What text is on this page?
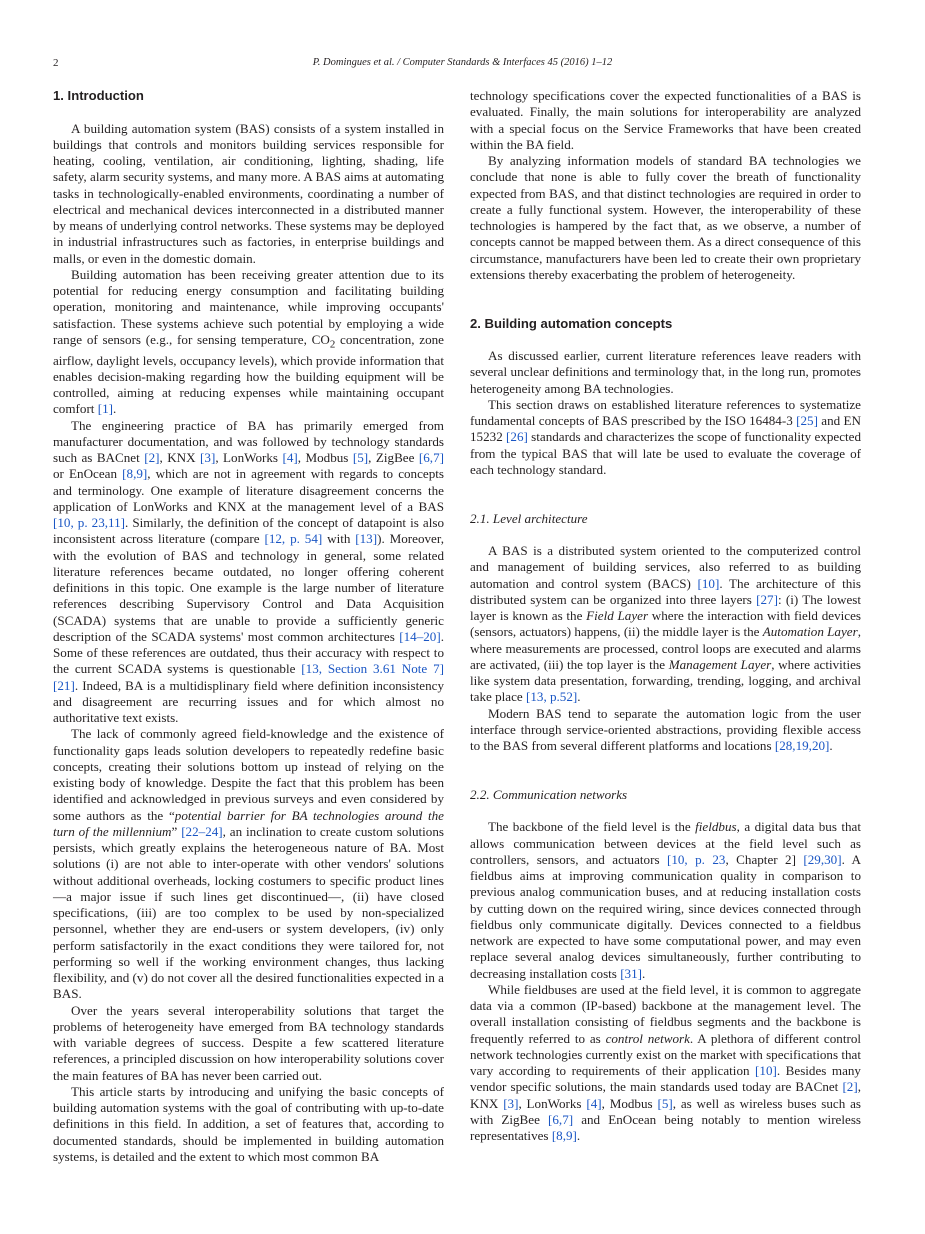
2	P. Domingues et al. / Computer Standards & Interfaces 45 (2016) 1–12
1. Introduction

A building automation system (BAS) consists of a system installed in buildings that controls and monitors building services responsible for heating, cooling, ventilation, air conditioning, lighting, shading, life safety, alarm security systems, and many more. A BAS aims at automating tasks in technologically-enabled environments, coordinating a number of electrical and mechanical devices interconnected in a distributed manner by means of underlying control networks. These systems may be deployed in industrial infrastructures such as factories, in enterprise buildings and malls, or even in the domestic domain.

Building automation has been receiving greater attention due to its potential for reducing energy consumption and facilitating building operation, monitoring and maintenance, while improving occupants' satisfaction. These systems achieve such potential by employing a wide range of sensors (e.g., for sensing temperature, $CO_2$ concentration, zone airflow, daylight levels, occupancy levels), which provide information that enables decision-making regarding how the building equipment will be controlled, aiming at reducing expenses while maintaining occupant comfort [1].

The engineering practice of BA has primarily emerged from manufacturer documentation, and was followed by technology standards such as BACnet [2], KNX [3], LonWorks [4], Modbus [5], ZigBee [6,7] or EnOcean [8,9], which are not in agreement with regards to concepts and terminology. One example of literature disagreement concerns the application of LonWorks and KNX at the management level of a BAS [10, p. 23,11]. Similarly, the definition of the concept of datapoint is also inconsistent across literature (compare [12, p. 54] with [13]). Moreover, with the evolution of BAS and technology in general, some related literature references became outdated, no longer offering coherent definitions in this topic. One example is the large number of literature references describing Supervisory Control and Data Acquisition (SCADA) systems that are unable to provide a sufficiently generic description of the SCADA systems' most common architectures [14–20]. Some of these references are outdated, thus their accuracy with respect to the current SCADA systems is questionable [13, Section 3.61 Note 7] [21]. Indeed, BA is a multidisplinary field where definition inconsistency and disagreement are recurring issues and for which almost no authoritative text exists.

The lack of commonly agreed field-knowledge and the existence of functionality gaps leads solution developers to repeatedly redefine basic concepts, creating their solutions bottom up instead of relying on the existing body of knowledge. Despite the fact that this problem has been identified and acknowledged in previous surveys and even considered by some authors as the “potential barrier for BA technologies around the turn of the millennium” [22–24], an inclination to create custom solutions persists, which greatly explains the heterogeneous nature of BA. Most solutions (i) are not able to inter-operate with other vendors' solutions without additional overheads, locking costumers to specific product lines—a major issue if such lines get discontinued—, (ii) have closed specifications, (iii) are too complex to be used by non-specialized personnel, whether they are end-users or system developers, (iv) only perform satisfactorily in the exact conditions they were tailored for, not performing so well if the working environment changes, thus lacking flexibility, and (v) do not cover all the desired functionalities expected in a BAS.

Over the years several interoperability solutions that target the problems of heterogeneity have emerged from BA technology standards with variable degrees of success. Despite a few scattered literature references, a principled discussion on how interoperability solutions cover the main features of BA has never been carried out.

This article starts by introducing and unifying the basic concepts of building automation systems with the goal of contributing with up-to-date definitions in this field. In addition, a set of features that, according to documented standards, should be implemented in building automation systems, is detailed and the extent to which most common BA

technology specifications cover the expected functionalities of a BAS is evaluated. Finally, the main solutions for interoperability are analyzed with a special focus on the Service Frameworks that have been created within the BA field.

By analyzing information models of standard BA technologies we conclude that none is able to fully cover the breath of functionality expected from BAS, and that distinct technologies are required in order to create a fully functional system. However, the interoperability of these technologies is hampered by the fact that, as we observe, a number of concepts cannot be mapped between them. As a direct consequence of this circumstance, manufacturers have been led to create their own proprietary extensions thereby exacerbating the problem of heterogeneity.

2. Building automation concepts

As discussed earlier, current literature references leave readers with several unclear definitions and terminology that, in the long run, promotes heterogeneity among BA technologies.

This section draws on established literature references to systematize fundamental concepts of BAS prescribed by the ISO 16484-3 [25] and EN 15232 [26] standards and characterizes the scope of functionality expected from the typical BAS that will late be used to evaluate the coverage of each technology standard.

2.1. Level architecture

A BAS is a distributed system oriented to the computerized control and management of building services, also referred to as building automation and control system (BACS) [10]. The architecture of this distributed system can be organized into three layers [27]: (i) The lowest layer is known as the Field Layer where the interaction with field devices (sensors, actuators) happens, (ii) the middle layer is the Automation Layer, where measurements are processed, control loops are executed and alarms are activated, (iii) the top layer is the Management Layer, where activities like system data presentation, forwarding, trending, logging, and archival take place [13, p.52].

Modern BAS tend to separate the automation logic from the user interface through service-oriented abstractions, providing flexible access to the BAS from several different platforms and locations [28,19,20].

2.2. Communication networks

The backbone of the field level is the fieldbus, a digital data bus that allows communication between devices at the field level such as controllers, sensors, and actuators [10, p. 23, Chapter 2] [29,30]. A fieldbus aims at improving communication quality in comparison to previous analog communication buses, and at reducing installation costs by cutting down on the required wiring, since devices connected through fieldbus only communicate digitally. Devices connected to a fieldbus network are expected to have some computational power, and may even replace several analog devices simultaneously, further contributing to decreasing installation costs [31].

While fieldbuses are used at the field level, it is common to aggregate data via a common (IP-based) backbone at the management level. The overall installation consisting of fieldbus segments and the backbone is frequently referred to as control network. A plethora of different control network technologies currently exist on the market with specifications that vary according to requirements of their application [10]. Besides many vendor specific solutions, the main standards used today are BACnet [2], KNX [3], LonWorks [4], Modbus [5], as well as wireless buses such as with ZigBee [6,7] and EnOcean being notably to mention wireless representatives [8,9].
